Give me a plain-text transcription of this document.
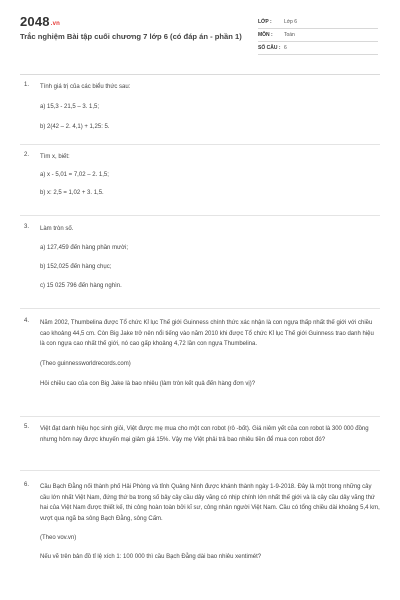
2048.vn
Trắc nghiệm Bài tập cuối chương 7 lớp 6 (có đáp án - phần 1)
LỚP :	Lớp 6
MÔN :	Toán
SỐ CÂU : 6
1. Tính giá trị của các biểu thức sau:
a) 15,3 - 21,5 – 3. 1,5;
b) 2(42 – 2. 4,1) + 1,25: 5.
2. Tìm x, biết:
a) x - 5,01 = 7,02 – 2. 1,5;
b) x: 2,5 = 1,02 + 3. 1,5.
3. Làm tròn số.
a) 127,459 đến hàng phần mười;
b) 152,025 đến hàng chục;
c) 15 025 796 đến hàng nghìn.
4. Năm 2002, Thumbelina được Tổ chức Kỉ lục Thế giới Guinness chính thức xác nhận là con ngựa thấp nhất thế giới với chiều cao khoảng 44,5 cm. Còn Big Jake trở nên nổi tiếng vào năm 2010 khi được Tổ chức Kỉ lục Thế giới Guinness trao danh hiệu là con ngựa cao nhất thế giới, nó cao gấp khoảng 4,72 lần con ngựa Thumbelina.
(Theo guinnessworldrecords.com)
Hỏi chiều cao của con Big Jake là bao nhiêu (làm tròn kết quả đến hàng đơn vị)?
5. Việt đạt danh hiệu học sinh giỏi, Việt được mẹ mua cho một con robot (rô -bốt). Giá niêm yết của con robot là 300 000 đồng nhưng hôm nay được khuyến mại giảm giá 15%. Vậy mẹ Việt phải trả bao nhiêu tiền để mua con robot đó?
6. Cầu Bạch Đằng nối thành phố Hải Phòng và tỉnh Quảng Ninh được khánh thành ngày 1-9-2018. Đây là một trong những cây cầu lớn nhất Việt Nam, đứng thứ ba trong số bảy cây cầu dây văng có nhịp chính lớn nhất thế giới và là cây cầu dây văng thứ hai của Việt Nam được thiết kế, thi công hoàn toàn bởi kĩ sư, công nhân người Việt Nam. Cầu có tổng chiều dài khoảng 5,4 km, vượt qua ngã ba sông Bạch Đằng, sông Cấm.
(Theo vov.vn)
Nếu vẽ trên bản đồ tỉ lệ xích 1: 100 000 thì cầu Bạch Đằng dài bao nhiêu xentimét?
